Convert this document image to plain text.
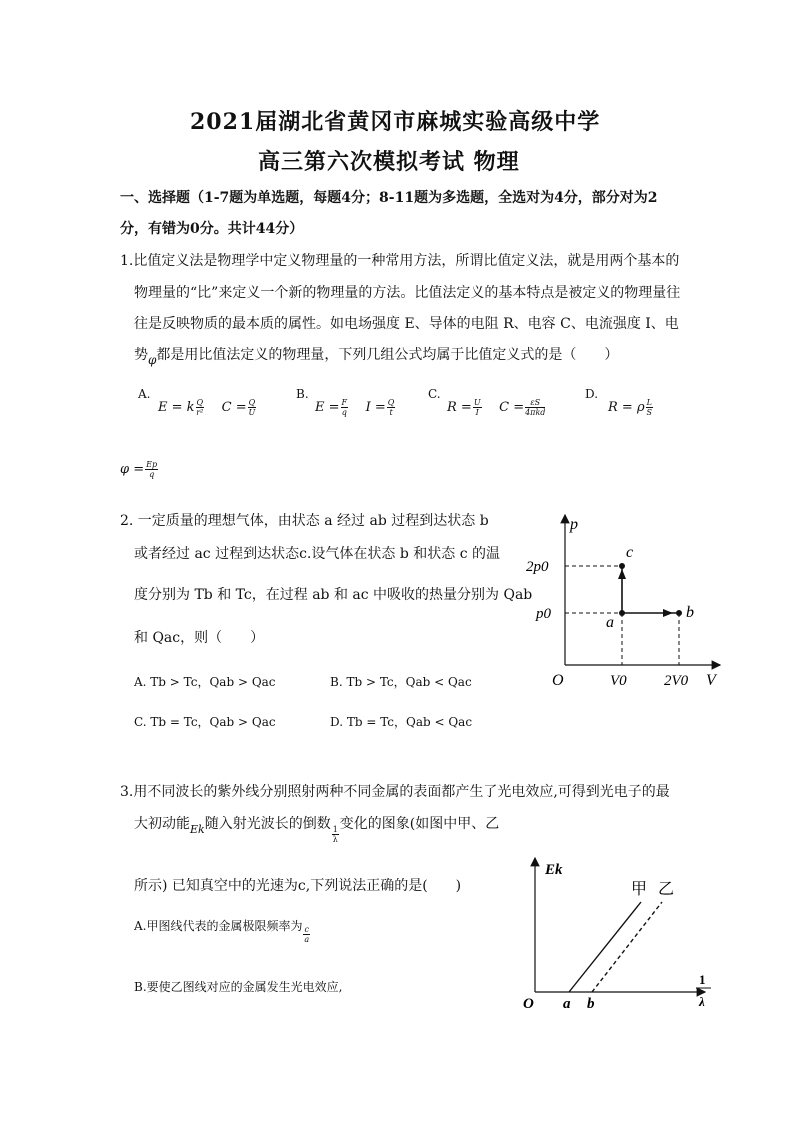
2021届湖北省黄冈市麻城实验高级中学
高三第六次模拟考试 物理
一、选择题（1-7题为单选题，每题4分；8-11题为多选题，全选对为4分，部分对为2
分，有错为0分。共计44分）
1.比值定义法是物理学中定义物理量的一种常用方法，所谓比值定义法，就是用两个基本的
物理量的“比”来定义一个新的物理量的方法。比值法定义的基本特点是被定义的物理量往
往是反映物质的最本质的属性。如电场强度 E、导体的电阻 R、电容 C、电流强度 I、电
势φ都是用比值法定义的物理量，下列几组公式均属于比值定义式的是（　　）
A.
E = k $\frac{Q}{\text{r²}}$ $C = \frac{Q}{U}$
B.
$E = \frac{F}{q}$ $I = \frac{Q}{t}$
C.
$R = \frac{U}{I}$ $C = \frac{\varepsilon S}{\text{4πkd}}$
D.
R = ρ $\frac{L}{S}$
$\varphi = \frac{Ep}{q}$
2. 一定质量的理想气体，由状态 a 经过 ab 过程到达状态 b
或者经过 ac 过程到达状态c.设气体在状态 b 和状态 c 的温
度分别为 Tb 和 Tc，在过程 ab 和 ac 中吸收的热量分别为 Qab
和 Qac，则（　　）
A. Tb > Tc，Qab > Qac	B. Tb > Tc，Qab < Qac
C. Tb = Tc，Qab > Qac	D. Tb = Tc，Qab < Qac
p
V
O
2p0
p0
V0 2V0
a
b
c
3.用不同波长的紫外线分别照射两种不同金属的表面都产生了光电效应,可得到光电子的最
大初动能$_{Ek}$随入射光波长的倒数
$\frac{1}{\lambda}$
变化的图象(如图中甲、乙
所示) 已知真空中的光速为c,下列说法正确的是(　　)
A.甲图线代表的金属极限频率为 $\frac{c}{a}$
B.要使乙图线对应的金属发生光电效应,
Ek
1
λ
O a b
甲 乙
